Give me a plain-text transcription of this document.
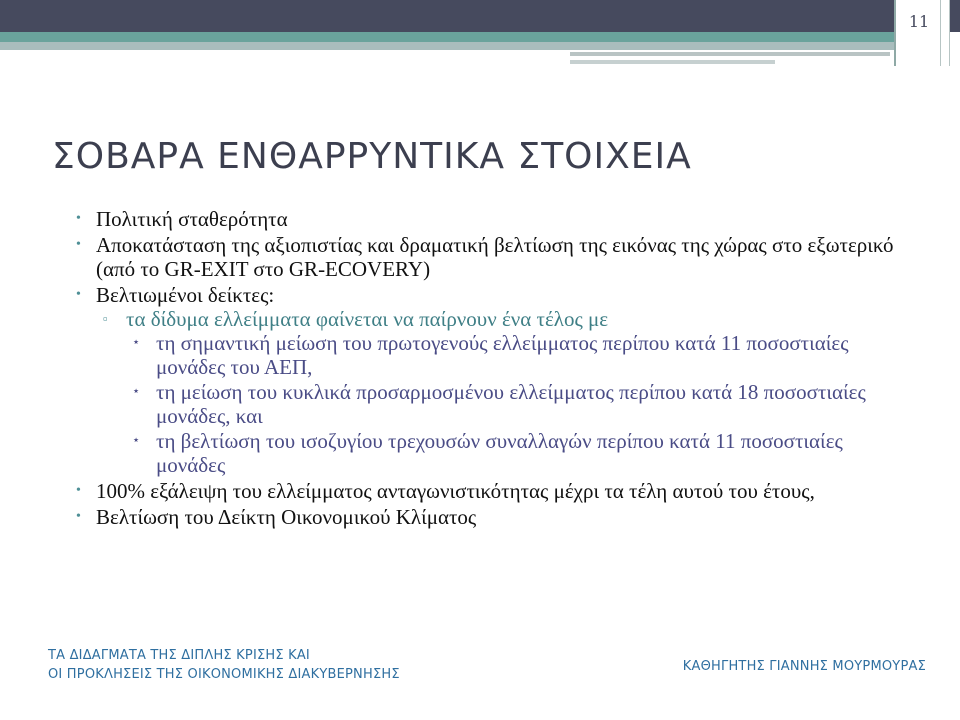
11
ΣΟΒΑΡΑ ΕΝΘΑΡΡΥΝΤΙΚΑ ΣΤΟΙΧΕΙΑ
• Πολιτική σταθερότητα
• Αποκατάσταση της αξιοπιστίας και δραματική βελτίωση της εικόνας της χώρας στο εξωτερικό (από το GR-EXIT στο GR-ECOVERY)
• Βελτιωμένοι δείκτες:
▫ τα δίδυμα ελλείμματα φαίνεται να παίρνουν ένα τέλος με
⋆ τη σημαντική μείωση του πρωτογενούς ελλείμματος περίπου κατά 11 ποσοστιαίες μονάδες του ΑΕΠ,
⋆ τη μείωση του κυκλικά προσαρμοσμένου ελλείμματος περίπου κατά 18 ποσοστιαίες μονάδες, και
⋆ τη βελτίωση του ισοζυγίου τρεχουσών συναλλαγών περίπου κατά 11 ποσοστιαίες μονάδες
• 100% εξάλειψη του ελλείμματος ανταγωνιστικότητας μέχρι τα τέλη αυτού του έτους,
• Βελτίωση του Δείκτη Οικονομικού Κλίματος
ΤΑ ΔΙΔΑΓΜΑΤΑ ΤΗΣ ΔΙΠΛΗΣ ΚΡΙΣΗΣ ΚΑΙ
ΟΙ ΠΡΟΚΛΗΣΕΙΣ ΤΗΣ ΟΙΚΟΝΟΜΙΚΗΣ ΔΙΑΚΥΒΕΡΝΗΣΗΣ
ΚΑΘΗΓΗΤΗΣ ΓΙΑΝΝΗΣ ΜΟΥΡΜΟΥΡΑΣ
